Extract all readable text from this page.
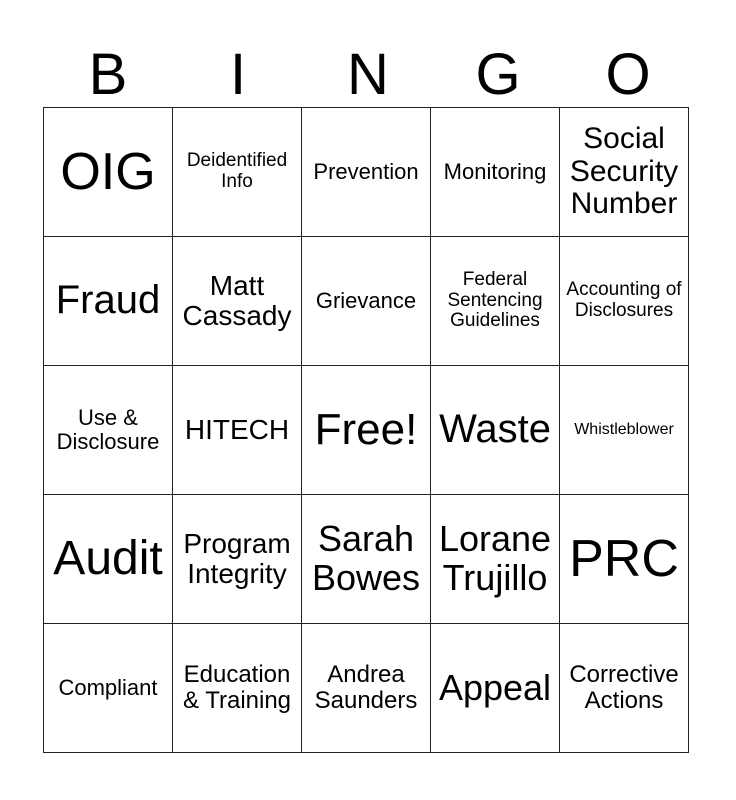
B	I	N	G	O
OIG	Deidentified Info	Prevention	Monitoring	Social Security Number
Fraud	Matt Cassady	Grievance	Federal Sentencing Guidelines	Accounting of Disclosures
Use & Disclosure	HITECH	Free!	Waste	Whistleblower
Audit	Program Integrity	Sarah Bowes	Lorane Trujillo	PRC
Compliant	Education & Training	Andrea Saunders	Appeal	Corrective Actions
